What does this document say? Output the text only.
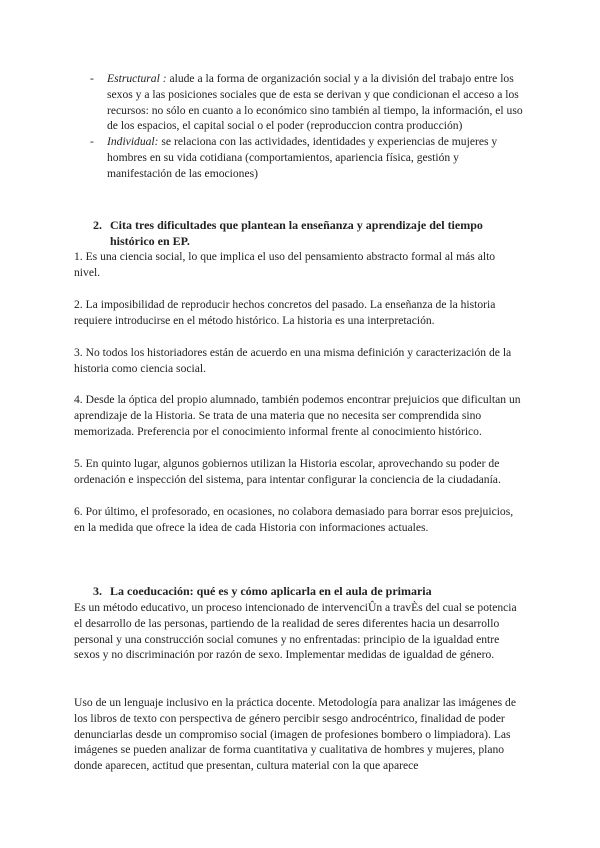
- Estructural : alude a la forma de organización social y a la división del trabajo entre los sexos y a las posiciones sociales que de esta se derivan y que condicionan el acceso a los recursos: no sólo en cuanto a lo económico sino también al tiempo, la información, el uso de los espacios, el capital social o el poder (reproduccion contra producción)
- Individual: se relaciona con las actividades, identidades y experiencias de mujeres y hombres en su vida cotidiana (comportamientos, apariencia física, gestión y manifestación de las emociones)
2. Cita tres dificultades que plantean la enseñanza y aprendizaje del tiempo histórico en EP.
1. Es una ciencia social, lo que implica el uso del pensamiento abstracto formal al más alto nivel.
2. La imposibilidad de reproducir hechos concretos del pasado. La enseñanza de la historia requiere introducirse en el método histórico. La historia es una interpretación.
3. No todos los historiadores están de acuerdo en una misma definición y caracterización de la historia como ciencia social.
4. Desde la óptica del propio alumnado, también podemos encontrar prejuicios que dificultan un aprendizaje de la Historia. Se trata de una materia que no necesita ser comprendida sino memorizada. Preferencia por el conocimiento informal frente al conocimiento histórico.
5. En quinto lugar, algunos gobiernos utilizan la Historia escolar, aprovechando su poder de ordenación e inspección del sistema, para intentar configurar la conciencia de la ciudadanía.
6. Por último, el profesorado, en ocasiones, no colabora demasiado para borrar esos prejuicios, en la medida que ofrece la idea de cada Historia con informaciones actuales.
3. La coeducación: qué es y cómo aplicarla en el aula de primaria
Es un método educativo, un proceso intencionado de intervenciÛn a travÈs del cual se potencia el desarrollo de las personas, partiendo de la realidad de seres diferentes hacia un desarrollo personal y una construcción social comunes y no enfrentadas: principio de la igualdad entre sexos y no discriminación por razón de sexo. Implementar medidas de igualdad de género.
Uso de un lenguaje inclusivo en la práctica docente. Metodología para analizar las imágenes de los libros de texto con perspectiva de género percibir sesgo androcéntrico, finalidad de poder denunciarlas desde un compromiso social (imagen de profesiones bombero o limpiadora). Las imágenes se pueden analizar de forma cuantitativa y cualitativa de hombres y mujeres, plano donde aparecen, actitud que presentan, cultura material con la que aparece
